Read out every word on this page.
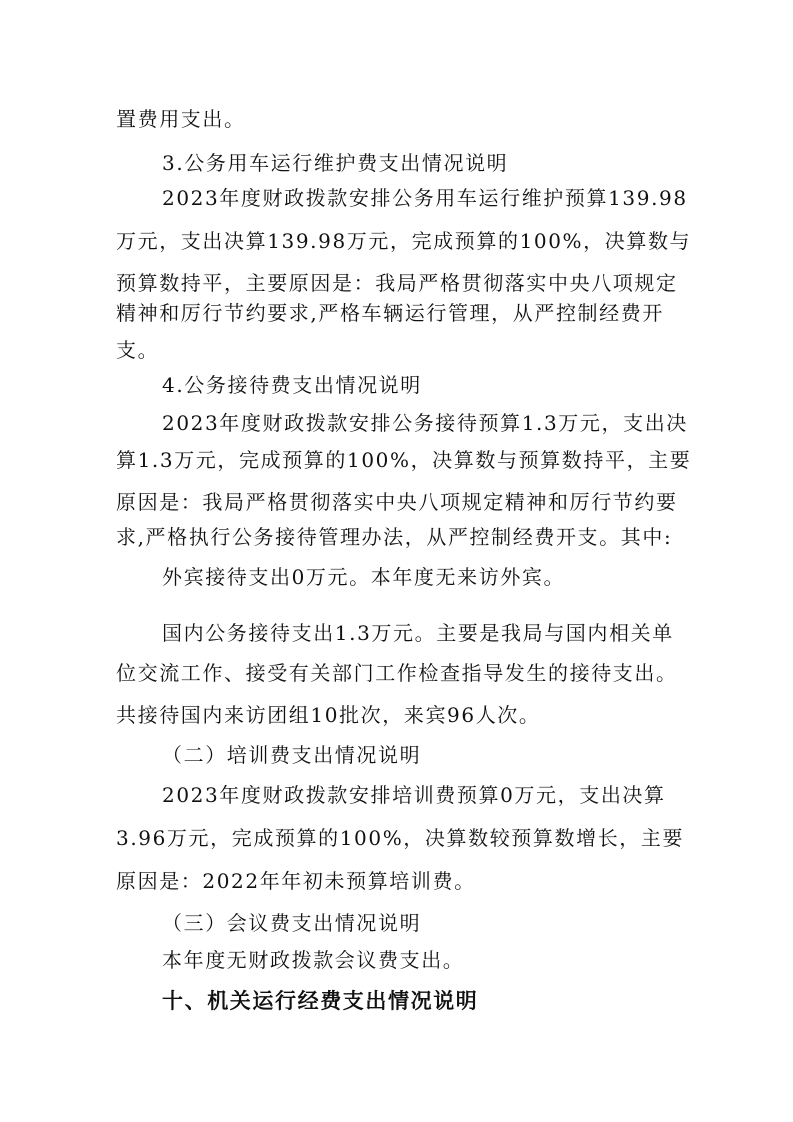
置费用支出。
3.公务用车运行维护费支出情况说明
2023年度财政拨款安排公务用车运行维护预算139.98
万元，支出决算139.98万元，完成预算的100%，决算数与
预算数持平，主要原因是：我局严格贯彻落实中央八项规定
精神和厉行节约要求,严格车辆运行管理，从严控制经费开
支。
4.公务接待费支出情况说明
2023年度财政拨款安排公务接待预算1.3万元，支出决
算1.3万元，完成预算的100%，决算数与预算数持平，主要
原因是：我局严格贯彻落实中央八项规定精神和厉行节约要
求,严格执行公务接待管理办法，从严控制经费开支。其中:
外宾接待支出0万元。本年度无来访外宾。
国内公务接待支出1.3万元。主要是我局与国内相关单
位交流工作、接受有关部门工作检查指导发生的接待支出。
共接待国内来访团组10批次，来宾96人次。
（二）培训费支出情况说明
2023年度财政拨款安排培训费预算0万元，支出决算
3.96万元，完成预算的100%，决算数较预算数增长，主要
原因是：2022年年初未预算培训费。
（三）会议费支出情况说明
本年度无财政拨款会议费支出。
十、机关运行经费支出情况说明
